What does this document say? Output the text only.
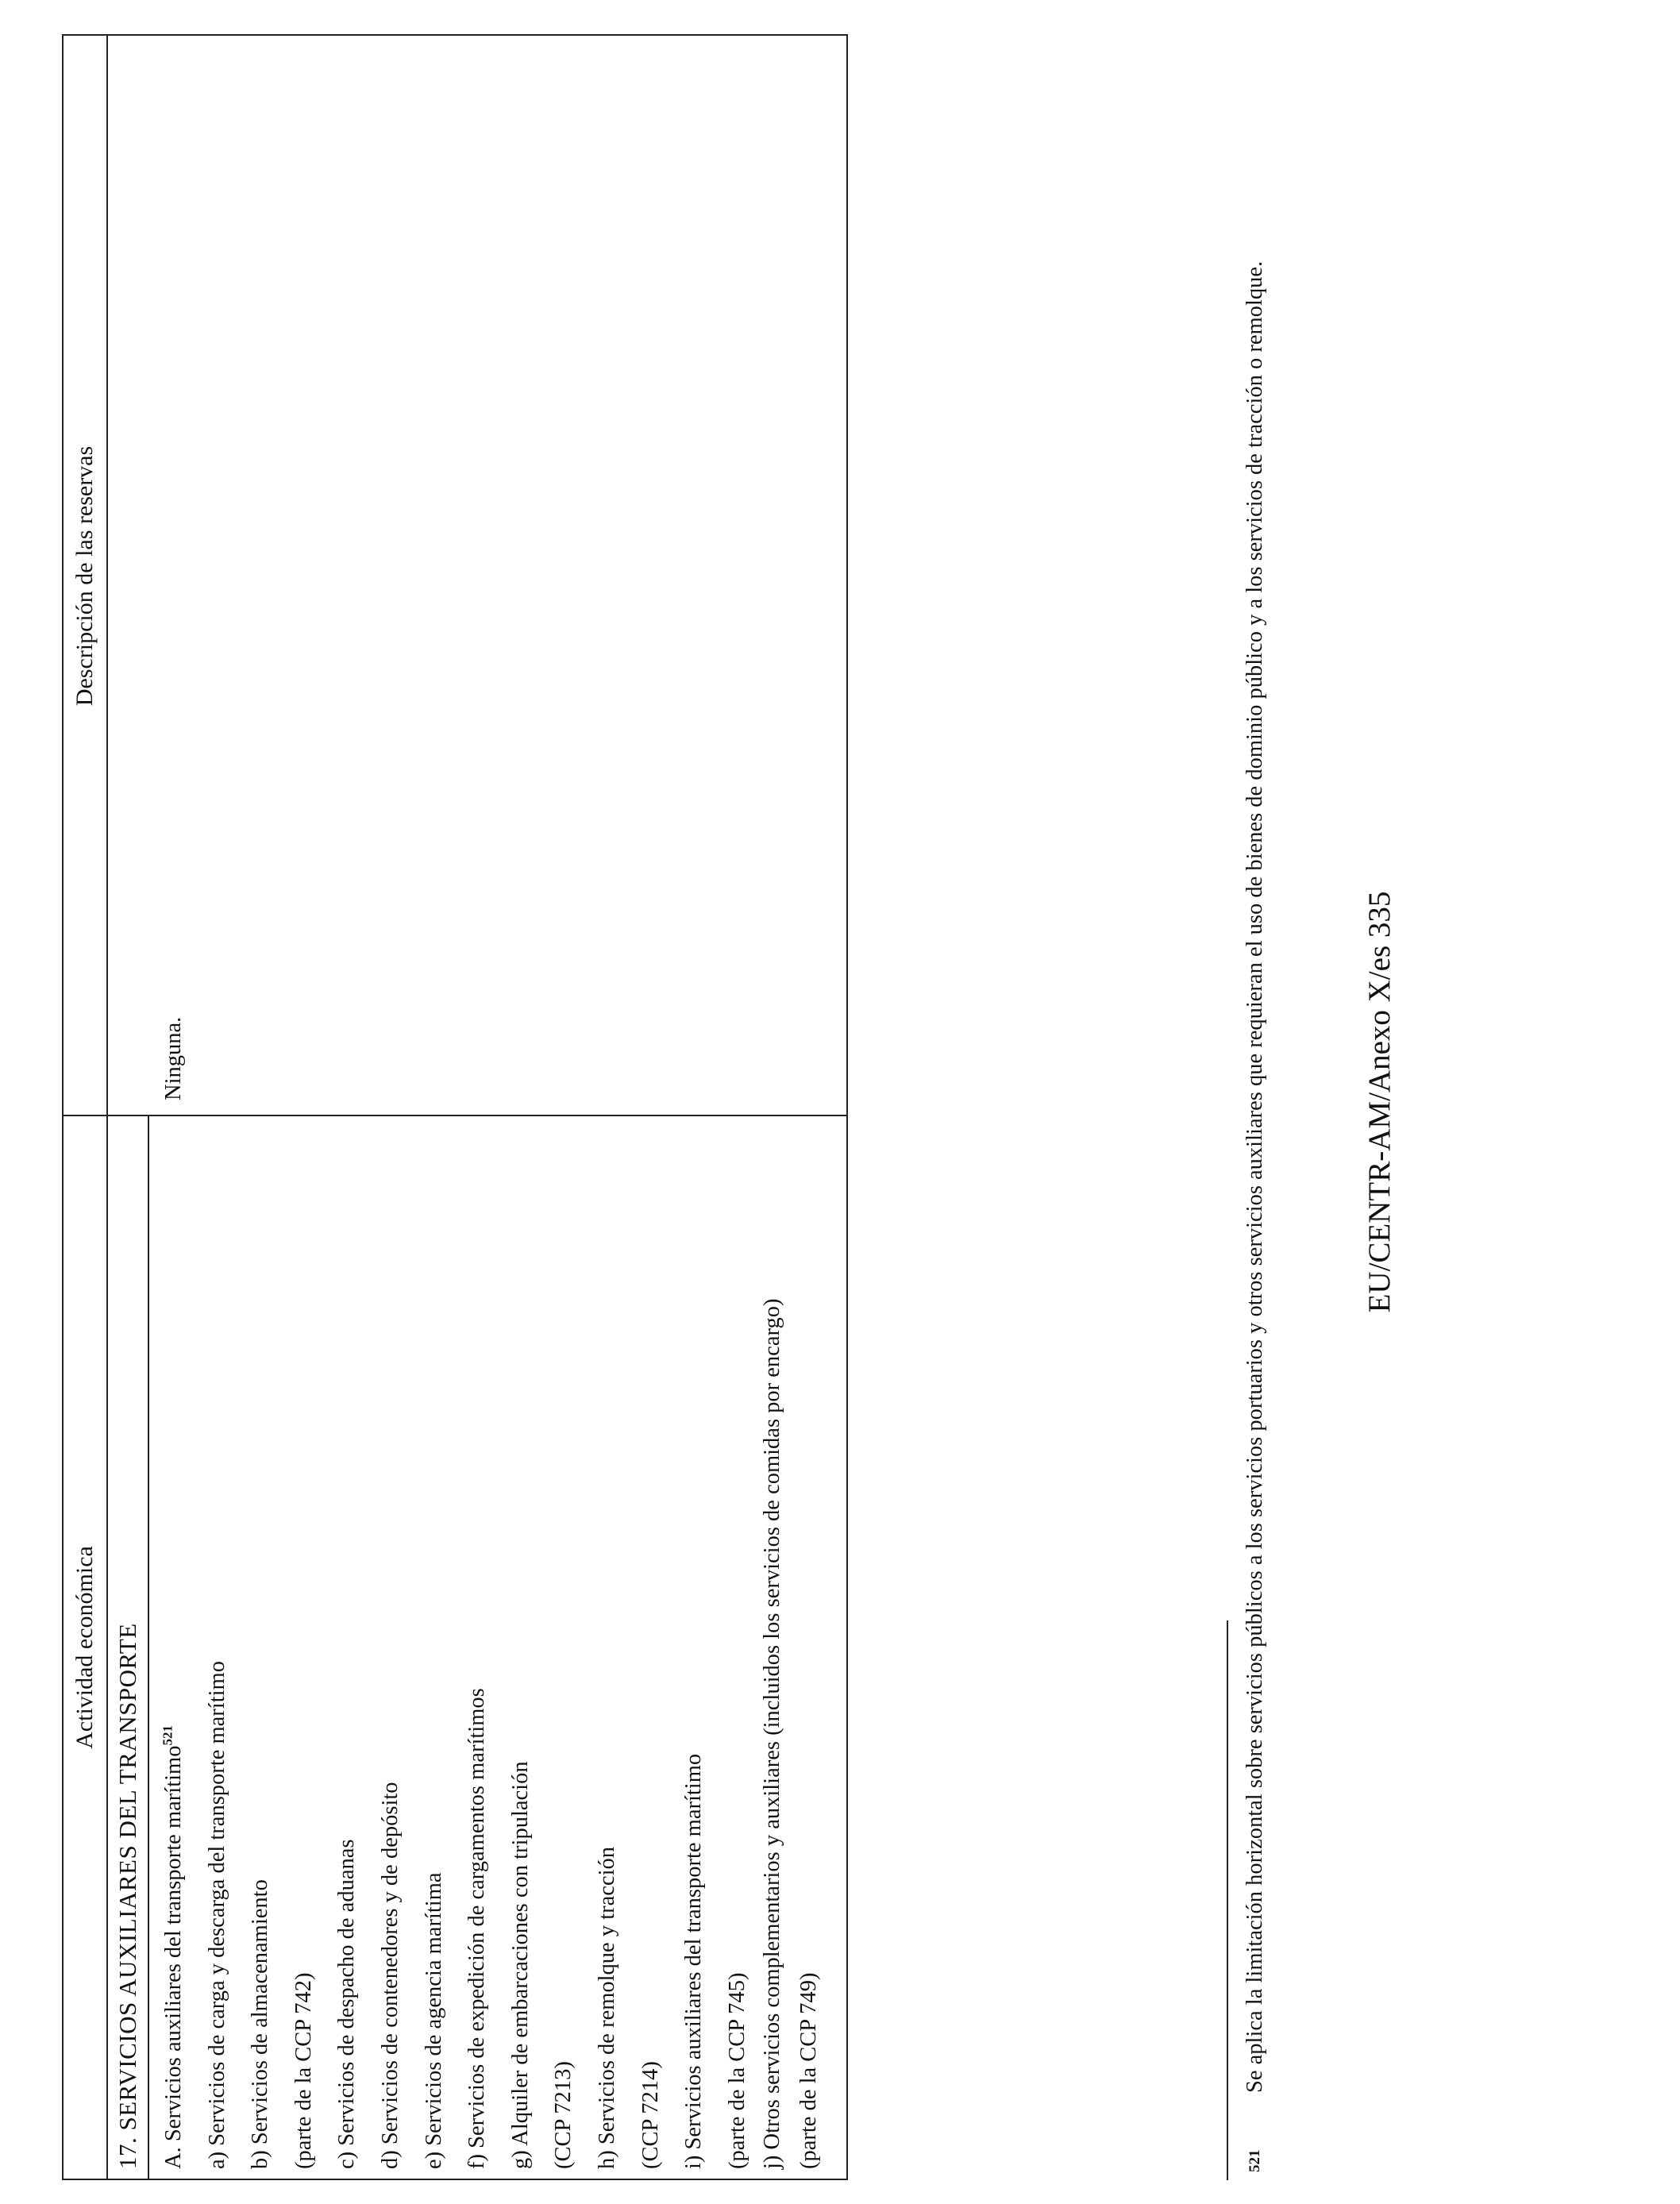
Actividad económica
Descripción de las reservas
17. SERVICIOS AUXILIARES DEL TRANSPORTE A. Servicios auxiliares del transporte marítimo$^{521}$	a) Servicios de carga y descarga del transporte marítimo b) Servicios de almacenamiento (parte de la CCP 742) c) Servicios de despacho de aduanas d) Servicios de contenedores y de depósito e) Servicios de agencia marítima f) Servicios de expedición de cargamentos marítimos g) Alquiler de embarcaciones con tripulación (CCP 7213) h) Servicios de remolque y tracción (CCP 7214) i) Servicios auxiliares del transporte marítimo (parte de la CCP 745) j) Otros servicios complementarios y auxiliares (incluidos los servicios de comidas por encargo) (parte de la CCP 749)
Ninguna.
521
Se aplica la limitación horizontal sobre servicios públicos a los servicios portuarios y otros servicios auxiliares que requieran el uso de bienes de dominio público y a los servicios de tracción o remolque.	EU/CENTR-AM/Anexo X/es 335
